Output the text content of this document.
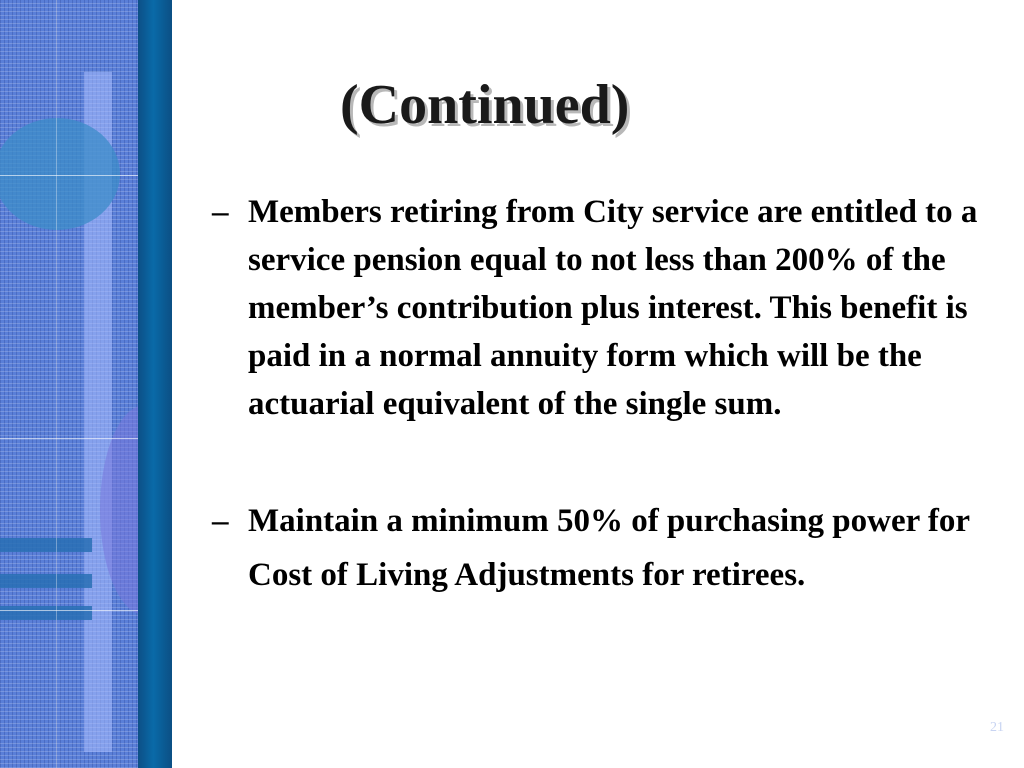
(Continued)
– Members retiring from City service are entitled to a service pension equal to not less than 200% of the member’s contribution plus interest. This benefit is paid in a normal annuity form which will be the actuarial equivalent of the single sum.
– Maintain a minimum 50% of purchasing power for Cost of Living Adjustments for retirees.
21
